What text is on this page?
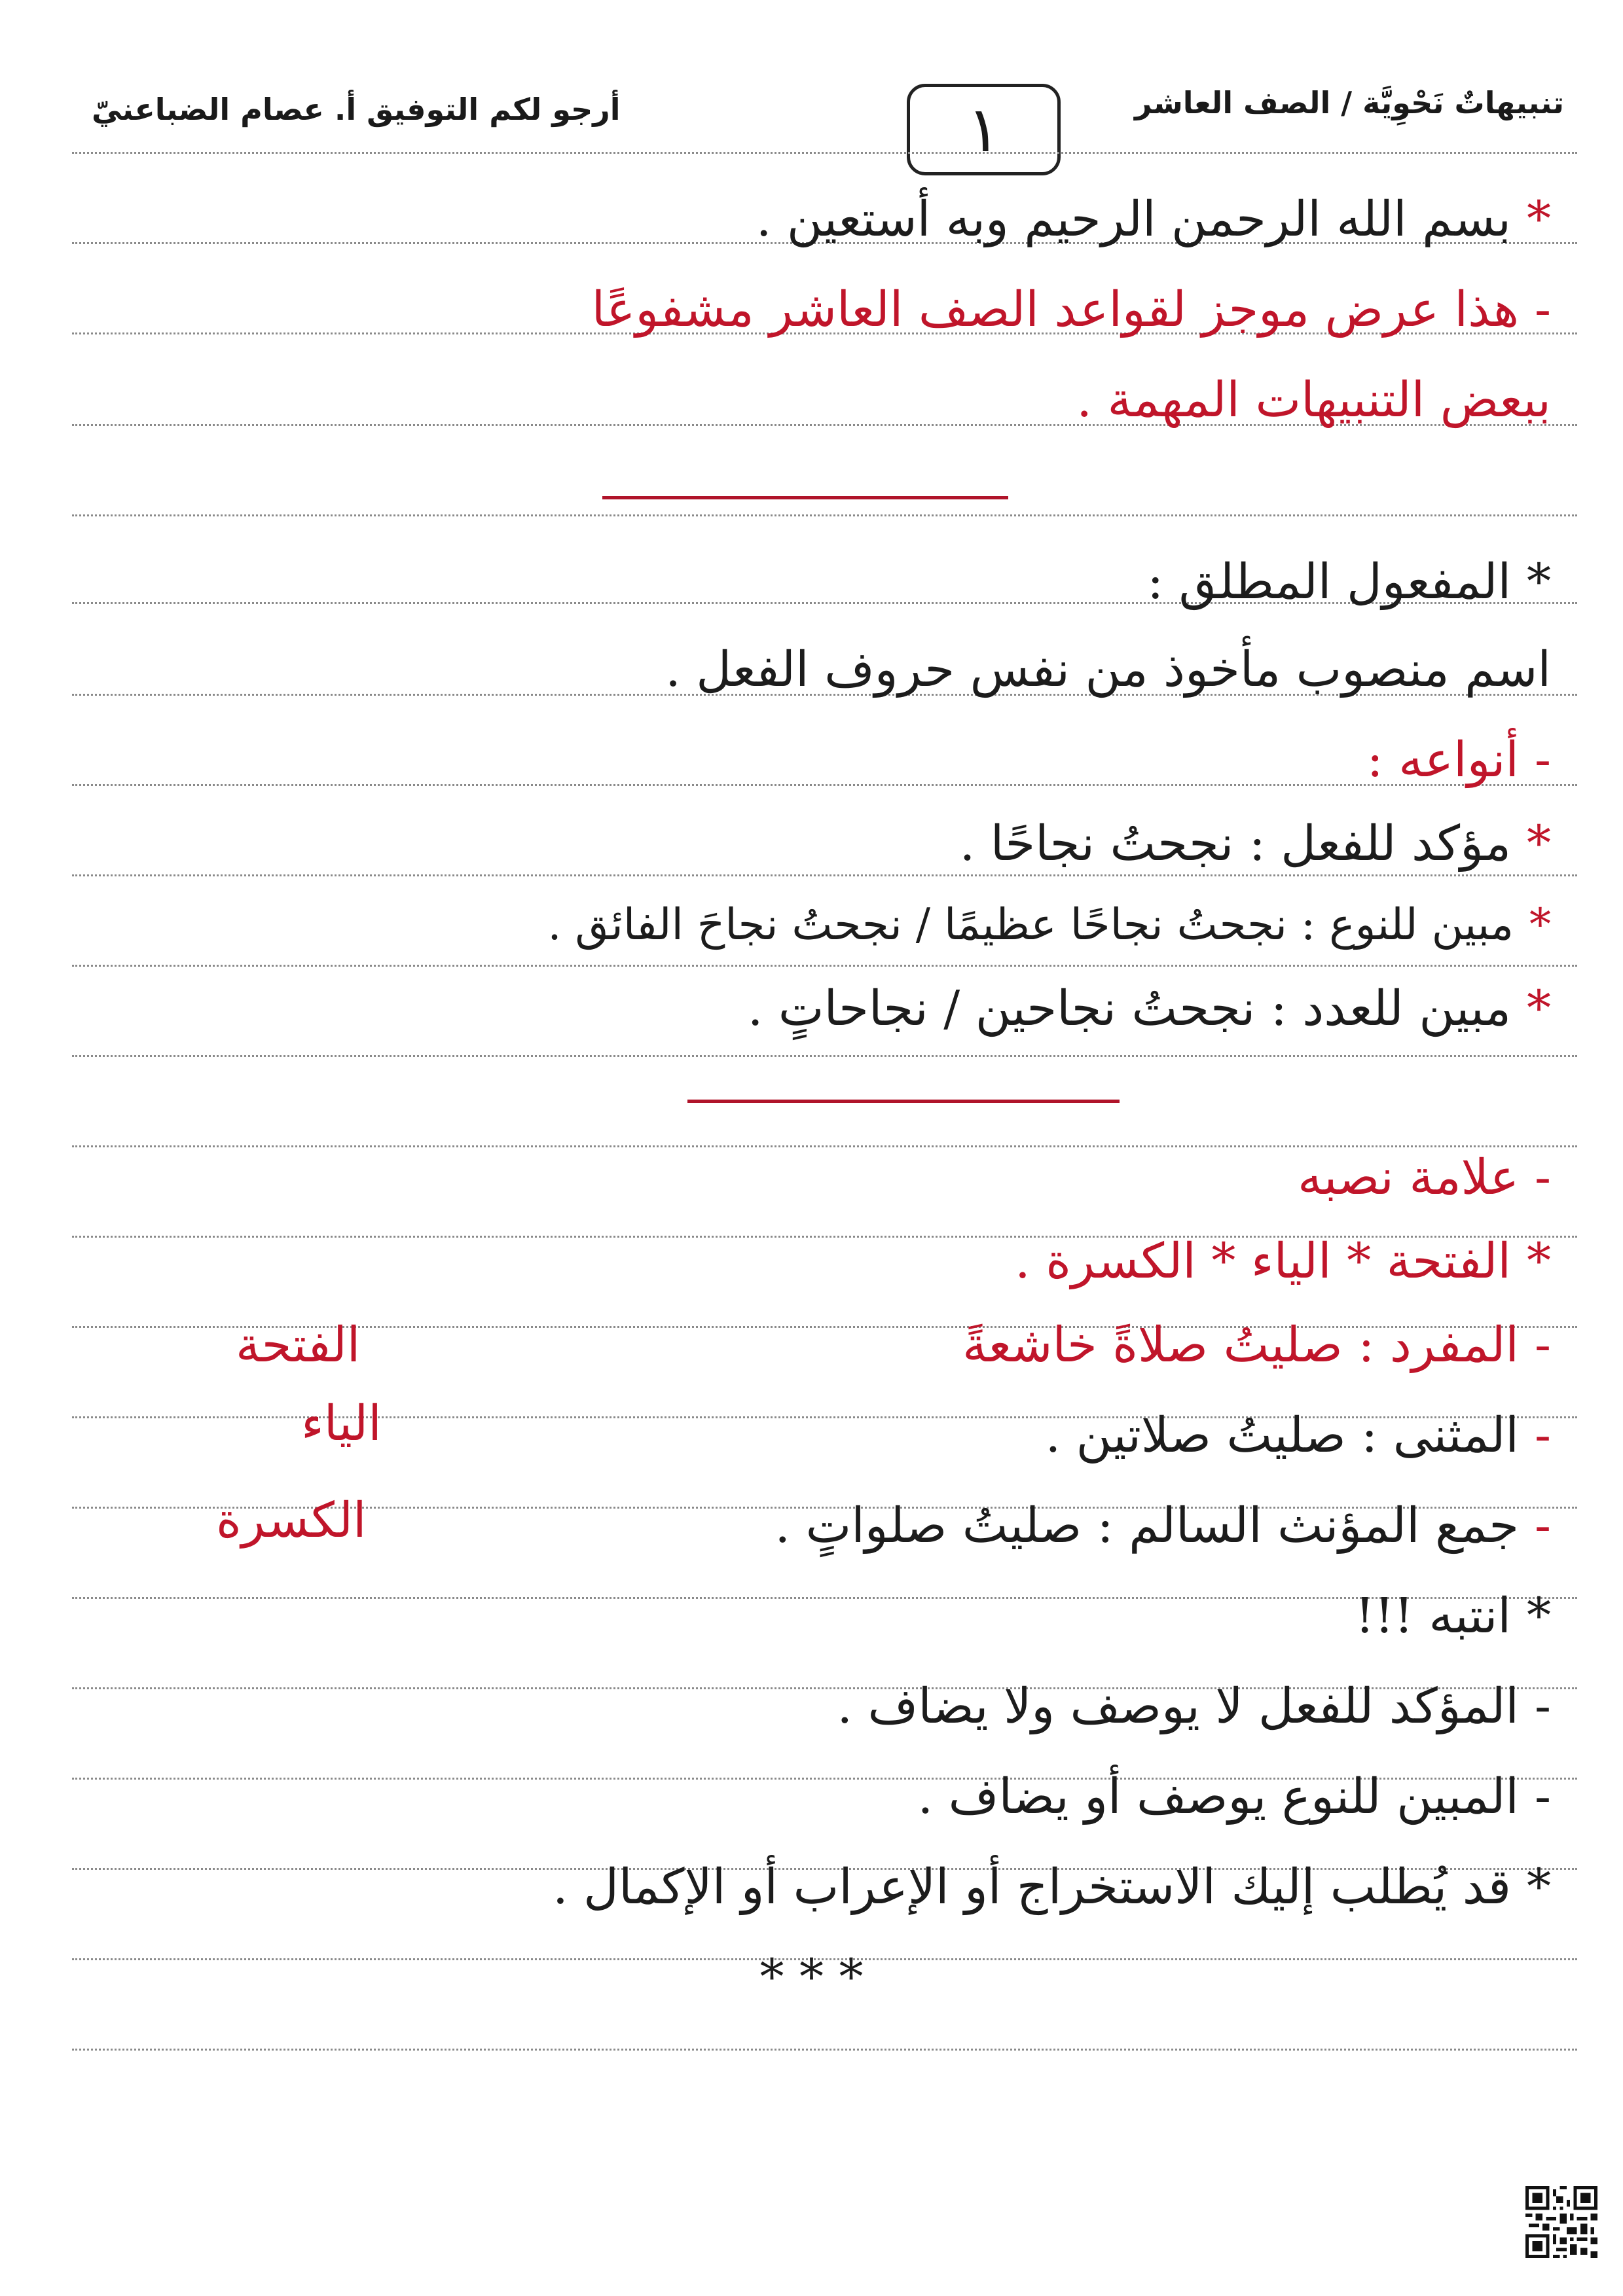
تنبيهاتٌ نَحْوِيَّة / الصف العاشر
١
أرجو لكم التوفيق أ. عصام الضباعنيّ
*بسم الله الرحمن الرحيم وبه أستعين .
-هذا عرض موجز لقواعد الصف العاشر مشفوعًا
ببعض التنبيهات المهمة .
*المفعول المطلق :
اسم منصوب مأخوذ من نفس حروف الفعل .
-أنواعه :
*مؤكد للفعل : نجحتُ نجاحًا .
*مبين للنوع : نجحتُ نجاحًا عظيمًا / نجحتُ نجاحَ الفائق .
*مبين للعدد : نجحتُ نجاحين / نجاحاتٍ .
-علامة نصبه
*الفتحة * الياء * الكسرة .
-المفرد : صليتُ صلاةً خاشعةً
الفتحة
-المثنى : صليتُ صلاتين .
الياء
-جمع المؤنث السالم : صليتُ صلواتٍ .
الكسرة
*انتبه !!!
-المؤكد للفعل لا يوصف ولا يضاف .
-المبين للنوع يوصف أو يضاف .
*قد يُطلب إليك الاستخراج أو الإعراب أو الإكمال .
* * *
